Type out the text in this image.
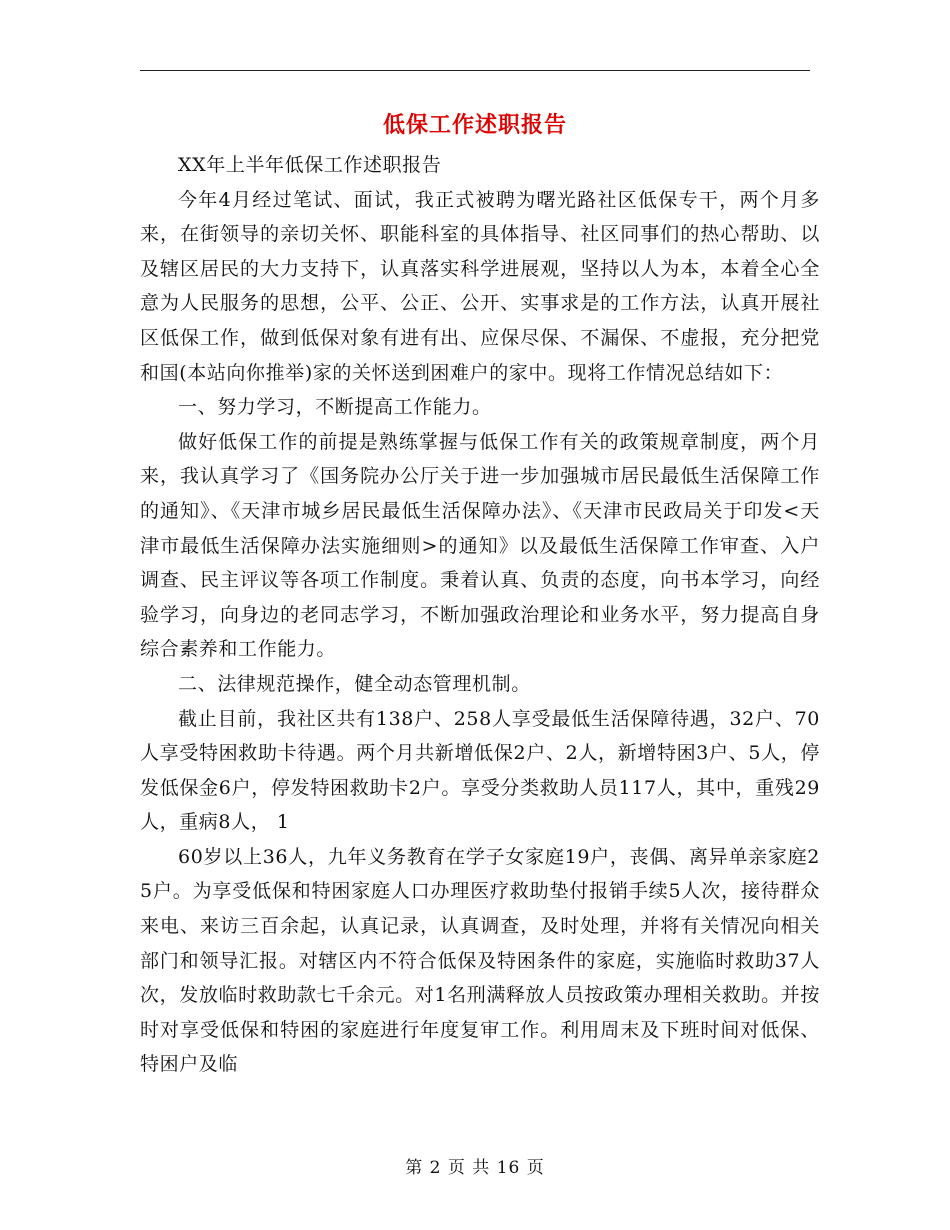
低保工作述职报告

XX年上半年低保工作述职报告

今年4月经过笔试、面试，我正式被聘为曙光路社区低保专干，两个月多来，在街领导的亲切关怀、职能科室的具体指导、社区同事们的热心帮助、以及辖区居民的大力支持下，认真落实科学进展观，坚持以人为本，本着全心全意为人民服务的思想，公平、公正、公开、实事求是的工作方法，认真开展社区低保工作，做到低保对象有进有出、应保尽保、不漏保、不虚报，充分把党和国(本站向你推举)家的关怀送到困难户的家中。现将工作情况总结如下：

一、努力学习，不断提高工作能力。

做好低保工作的前提是熟练掌握与低保工作有关的政策规章制度，两个月来，我认真学习了《国务院办公厅关于进一步加强城市居民最低生活保障工作的通知》、《天津市城乡居民最低生活保障办法》、《天津市民政局关于印发<天津市最低生活保障办法实施细则>的通知》以及最低生活保障工作审查、入户调查、民主评议等各项工作制度。秉着认真、负责的态度，向书本学习，向经验学习，向身边的老同志学习，不断加强政治理论和业务水平，努力提高自身综合素养和工作能力。

二、法律规范操作，健全动态管理机制。

截止目前，我社区共有138户、258人享受最低生活保障待遇，32户、70人享受特困救助卡待遇。两个月共新增低保2户、2人，新增特困3户、5人，停发低保金6户，停发特困救助卡2户。享受分类救助人员117人，其中，重残29人，重病8人， 1

60岁以上36人，九年义务教育在学子女家庭19户，丧偶、离异单亲家庭25户。为享受低保和特困家庭人口办理医疗救助垫付报销手续5人次，接待群众来电、来访三百余起，认真记录，认真调查，及时处理，并将有关情况向相关部门和领导汇报。对辖区内不符合低保及特困条件的家庭，实施临时救助37人次，发放临时救助款七千余元。对1名刑满释放人员按政策办理相关救助。并按时对享受低保和特困的家庭进行年度复审工作。利用周末及下班时间对低保、特困户及临

第 2 页 共 16 页
